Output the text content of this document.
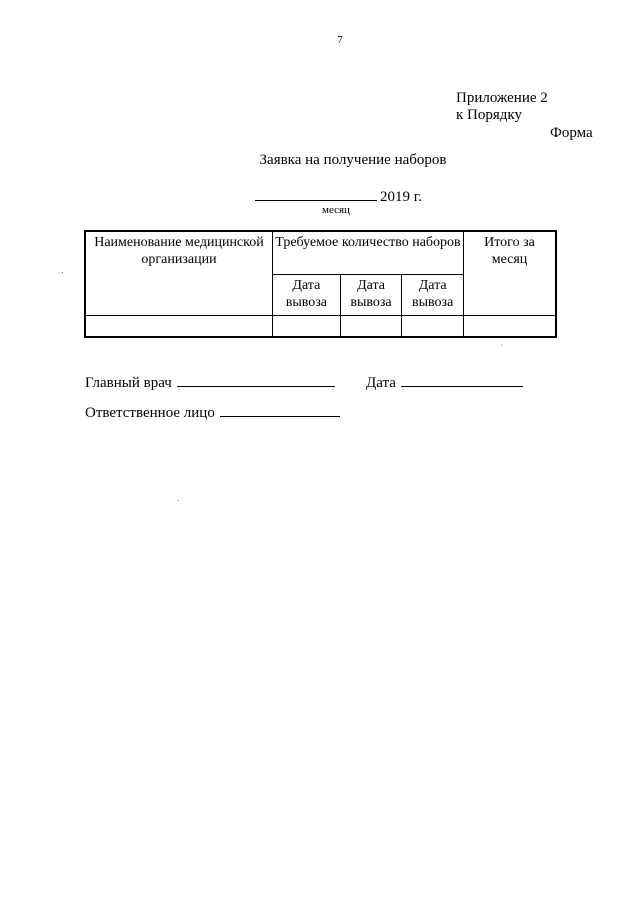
7
Приложение 2
к Порядку
Форма
Заявка на получение наборов
2019 г.
месяц
Наименование медицинской организации	Требуемое количество наборов			Итого за месяц
	Дата вывоза	Дата вывоза	Дата вывоза	

Главный врач	Дата
Ответственное лицо
